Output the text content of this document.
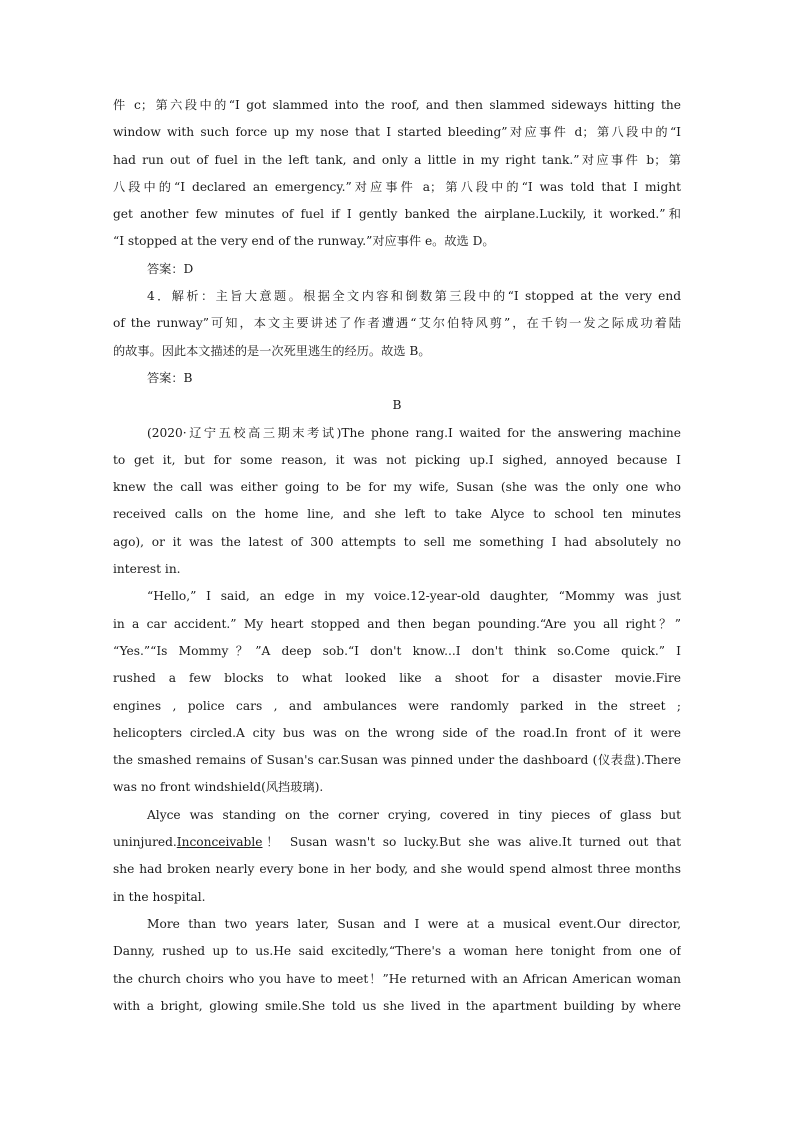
件 c；第六段中的“I got slammed into the roof, and then slammed sideways hitting the
window with such force up my nose that I started bleeding”对应事件 d；第八段中的“I
had run out of fuel in the left tank, and only a little in my right tank.”对应事件 b；第
八段中的“I declared an emergency.”对应事件 a；第八段中的“I was told that I might
get another few minutes of fuel if I gently banked the airplane.Luckily, it worked.”和
“I stopped at the very end of the runway.”对应事件 e。故选 D。
答案：D
4．解析：主旨大意题。根据全文内容和倒数第三段中的“I stopped at the very end
of the runway”可知，本文主要讲述了作者遭遇“艾尔伯特风剪”，在千钧一发之际成功着陆
的故事。因此本文描述的是一次死里逃生的经历。故选 B。
答案：B
B
(2020·辽宁五校高三期末考试)The phone rang.I waited for the answering machine
to get it, but for some reason, it was not picking up.I sighed, annoyed because I
knew the call was either going to be for my wife, Susan (she was the only one who
received calls on the home line, and she left to take Alyce to school ten minutes
ago), or it was the latest of 300 attempts to sell me something I had absolutely no
interest in.
“Hello,” I said, an edge in my voice.12-year-old daughter, “Mommy was just
in a car accident.” My heart stopped and then began pounding.“Are you all right？”
“Yes.”“Is Mommy？”A deep sob.“I don't know...I don't think so.Come quick.” I
rushed a few blocks to what looked like a shoot for a disaster movie.Fire
engines , police cars , and ambulances were randomly parked in the street ;
helicopters circled.A city bus was on the wrong side of the road.In front of it were
the smashed remains of Susan's car.Susan was pinned under the dashboard (仪表盘).There
was no front windshield(风挡玻璃).
Alyce was standing on the corner crying, covered in tiny pieces of glass but
uninjured.Inconceivable！ Susan wasn't so lucky.But she was alive.It turned out that
she had broken nearly every bone in her body, and she would spend almost three months
in the hospital.
More than two years later, Susan and I were at a musical event.Our director,
Danny, rushed up to us.He said excitedly,“There's a woman here tonight from one of
the church choirs who you have to meet！”He returned with an African American woman
with a bright, glowing smile.She told us she lived in the apartment building by where
